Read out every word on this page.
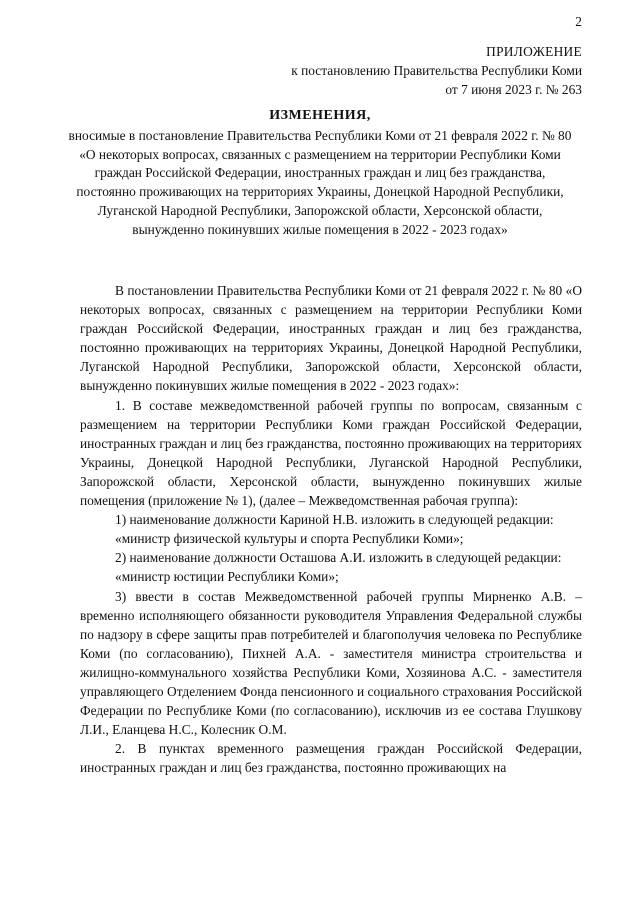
2
ПРИЛОЖЕНИЕ
к постановлению Правительства Республики Коми
от 7 июня 2023 г. № 263
ИЗМЕНЕНИЯ,
вносимые в постановление Правительства Республики Коми от 21 февраля 2022 г. № 80 «О некоторых вопросах, связанных с размещением на территории Республики Коми граждан Российской Федерации, иностранных граждан и лиц без гражданства, постоянно проживающих на территориях Украины, Донецкой Народной Республики, Луганской Народной Республики, Запорожской области, Херсонской области, вынужденно покинувших жилые помещения в 2022 - 2023 годах»

В постановлении Правительства Республики Коми от 21 февраля 2022 г. № 80 «О некоторых вопросах, связанных с размещением на территории Республики Коми граждан Российской Федерации, иностранных граждан и лиц без гражданства, постоянно проживающих на территориях Украины, Донецкой Народной Республики, Луганской Народной Республики, Запорожской области, Херсонской области, вынужденно покинувших жилые помещения в 2022 - 2023 годах»:

1. В составе межведомственной рабочей группы по вопросам, связанным с размещением на территории Республики Коми граждан Российской Федерации, иностранных граждан и лиц без гражданства, постоянно проживающих на территориях Украины, Донецкой Народной Республики, Луганской Народной Республики, Запорожской области, Херсонской области, вынужденно покинувших жилые помещения (приложение № 1), (далее – Межведомственная рабочая группа):

1) наименование должности Кариной Н.В. изложить в следующей редакции:

«министр физической культуры и спорта Республики Коми»;

2) наименование должности Осташова А.И. изложить в следующей редакции:

«министр юстиции Республики Коми»;

3) ввести в состав Межведомственной рабочей группы Мирненко А.В. – временно исполняющего обязанности руководителя Управления Федеральной службы по надзору в сфере защиты прав потребителей и благополучия человека по Республике Коми (по согласованию), Пихней А.А. - заместителя министра строительства и жилищно-коммунального хозяйства Республики Коми, Хозяинова А.С. - заместителя управляющего Отделением Фонда пенсионного и социального страхования Российской Федерации по Республике Коми (по согласованию), исключив из ее состава Глушкову Л.И., Еланцева Н.С., Колесник О.М.

2. В пунктах временного размещения граждан Российской Федерации, иностранных граждан и лиц без гражданства, постоянно проживающих на
